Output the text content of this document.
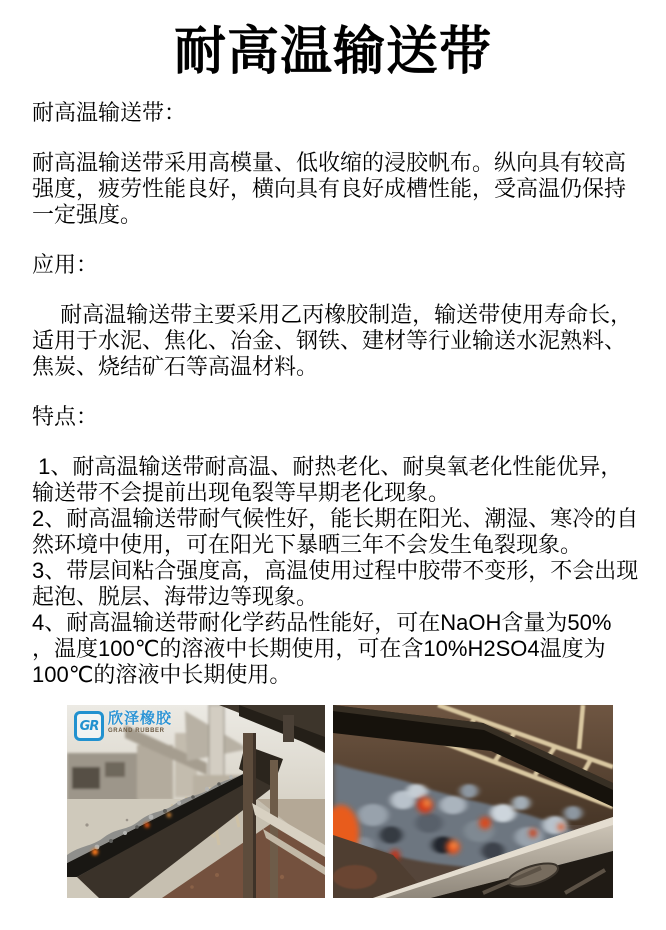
耐高温输送带
耐高温输送带：
耐高温输送带采用高模量、低收缩的浸胶帆布。纵向具有较高
强度，疲劳性能良好，横向具有良好成槽性能，受高温仍保持
一定强度。
应用：
　 耐高温输送带主要采用乙丙橡胶制造，输送带使用寿命长，
适用于水泥、焦化、冶金、钢铁、建材等行业输送水泥熟料、
焦炭、烧结矿石等高温材料。
特点：
1、耐高温输送带耐高温、耐热老化、耐臭氧老化性能优异，
输送带不会提前出现龟裂等早期老化现象。
2、耐高温输送带耐气候性好，能长期在阳光、潮湿、寒冷的自
然环境中使用，可在阳光下暴晒三年不会发生龟裂现象。
3、带层间粘合强度高，高温使用过程中胶带不变形，不会出现
起泡、脱层、海带边等现象。
4、耐高温输送带耐化学药品性能好，可在NaOH含量为50%
，温度100℃的溶液中长期使用，可在含10%H2SO4温度为
100℃的溶液中长期使用。
GR 欣泽橡胶
GRAND RUBBER
